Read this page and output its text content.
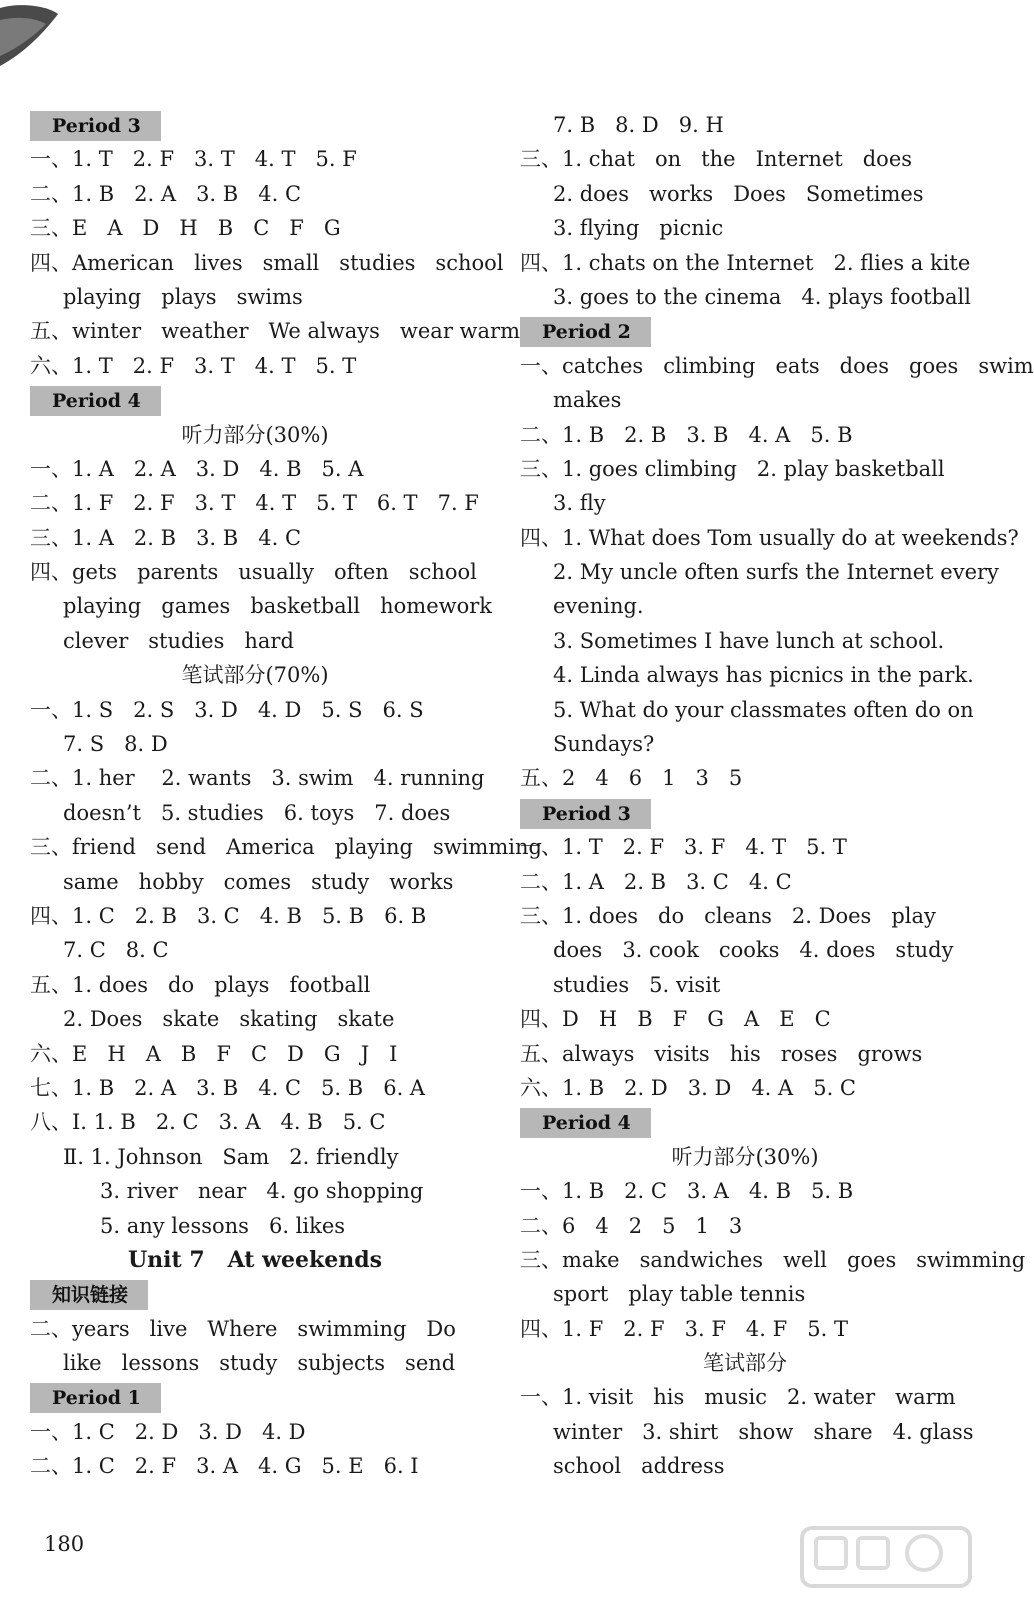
Period 3
一、1. T   2. F   3. T   4. T   5. F
二、1. B   2. A   3. B   4. C
三、E   A   D   H   B   C   F   G
四、American   lives   small   studies   school
playing   plays   swims
五、winter   weather   We always   wear warm
六、1. T   2. F   3. T   4. T   5. T
Period 4
听力部分(30%)
一、1. A   2. A   3. D   4. B   5. A
二、1. F   2. F   3. T   4. T   5. T   6. T   7. F
三、1. A   2. B   3. B   4. C
四、gets   parents   usually   often   school
playing   games   basketball   homework
clever   studies   hard
笔试部分(70%)
一、1. S   2. S   3. D   4. D   5. S   6. S
7. S   8. D
二、1. her    2. wants   3. swim   4. running
doesn’t   5. studies   6. toys   7. does
三、friend   send   America   playing   swimming
same   hobby   comes   study   works
四、1. C   2. B   3. C   4. B   5. B   6. B
7. C   8. C
五、1. does   do   plays   football
2. Does   skate   skating   skate
六、E   H   A   B   F   C   D   G   J   I
七、1. B   2. A   3. B   4. C   5. B   6. A
八、Ⅰ. 1. B   2. C   3. A   4. B   5. C
Ⅱ. 1. Johnson   Sam   2. friendly
3. river   near   4. go shopping
5. any lessons   6. likes
Unit 7   At weekends
知识链接
二、years   live   Where   swimming   Do
like   lessons   study   subjects   send
Period 1
一、1. C   2. D   3. D   4. D
二、1. C   2. F   3. A   4. G   5. E   6. I
7. B   8. D   9. H
三、1. chat   on   the   Internet   does
2. does   works   Does   Sometimes
3. flying   picnic
四、1. chats on the Internet   2. flies a kite
3. goes to the cinema   4. plays football
Period 2
一、catches   climbing   eats   does   goes   swim
makes
二、1. B   2. B   3. B   4. A   5. B
三、1. goes climbing   2. play basketball
3. fly
四、1. What does Tom usually do at weekends?
2. My uncle often surfs the Internet every
evening.
3. Sometimes I have lunch at school.
4. Linda always has picnics in the park.
5. What do your classmates often do on
Sundays?
五、2   4   6   1   3   5
Period 3
一、1. T   2. F   3. F   4. T   5. T
二、1. A   2. B   3. C   4. C
三、1. does   do   cleans   2. Does   play
does   3. cook   cooks   4. does   study
studies   5. visit
四、D   H   B   F   G   A   E   C
五、always   visits   his   roses   grows
六、1. B   2. D   3. D   4. A   5. C
Period 4
听力部分(30%)
一、1. B   2. C   3. A   4. B   5. B
二、6   4   2   5   1   3
三、make   sandwiches   well   goes   swimming
sport   play table tennis
四、1. F   2. F   3. F   4. F   5. T
笔试部分
一、1. visit   his   music   2. water   warm
winter   3. shirt   show   share   4. glass
school   address
180
